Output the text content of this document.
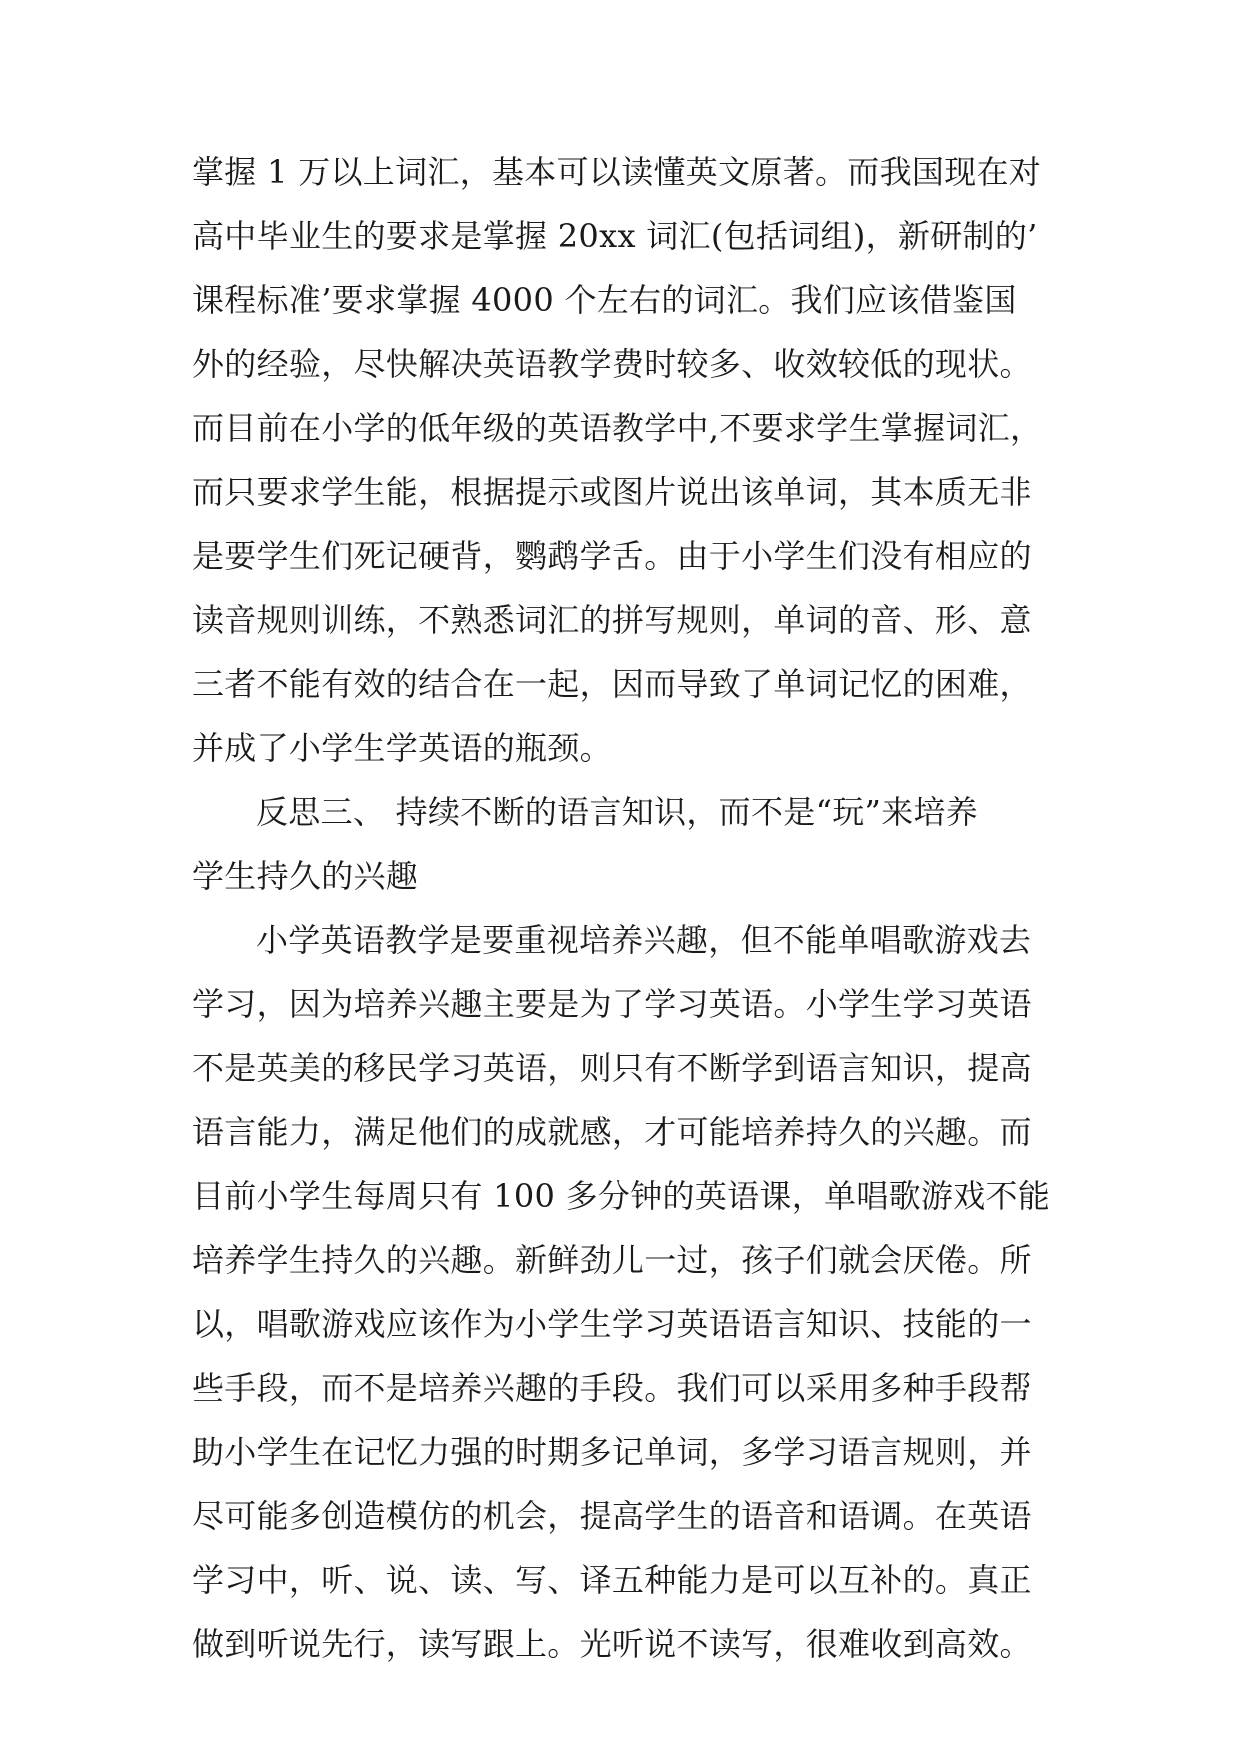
掌握 1 万以上词汇，基本可以读懂英文原著。而我国现在对
高中毕业生的要求是掌握 20xx 词汇(包括词组)，新研制的’
课程标准’要求掌握 4000 个左右的词汇。我们应该借鉴国
外的经验，尽快解决英语教学费时较多、收效较低的现状。
而目前在小学的低年级的英语教学中,不要求学生掌握词汇，
而只要求学生能，根据提示或图片说出该单词，其本质无非
是要学生们死记硬背，鹦鹉学舌。由于小学生们没有相应的
读音规则训练，不熟悉词汇的拼写规则，单词的音、形、意
三者不能有效的结合在一起，因而导致了单词记忆的困难，
并成了小学生学英语的瓶颈。
反思三、 持续不断的语言知识，而不是“玩”来培养
学生持久的兴趣
小学英语教学是要重视培养兴趣，但不能单唱歌游戏去
学习，因为培养兴趣主要是为了学习英语。小学生学习英语
不是英美的移民学习英语，则只有不断学到语言知识，提高
语言能力，满足他们的成就感，才可能培养持久的兴趣。而
目前小学生每周只有 100 多分钟的英语课，单唱歌游戏不能
培养学生持久的兴趣。新鲜劲儿一过，孩子们就会厌倦。所
以，唱歌游戏应该作为小学生学习英语语言知识、技能的一
些手段，而不是培养兴趣的手段。我们可以采用多种手段帮
助小学生在记忆力强的时期多记单词，多学习语言规则，并
尽可能多创造模仿的机会，提高学生的语音和语调。在英语
学习中，听、说、读、写、译五种能力是可以互补的。真正
做到听说先行，读写跟上。光听说不读写，很难收到高效。
